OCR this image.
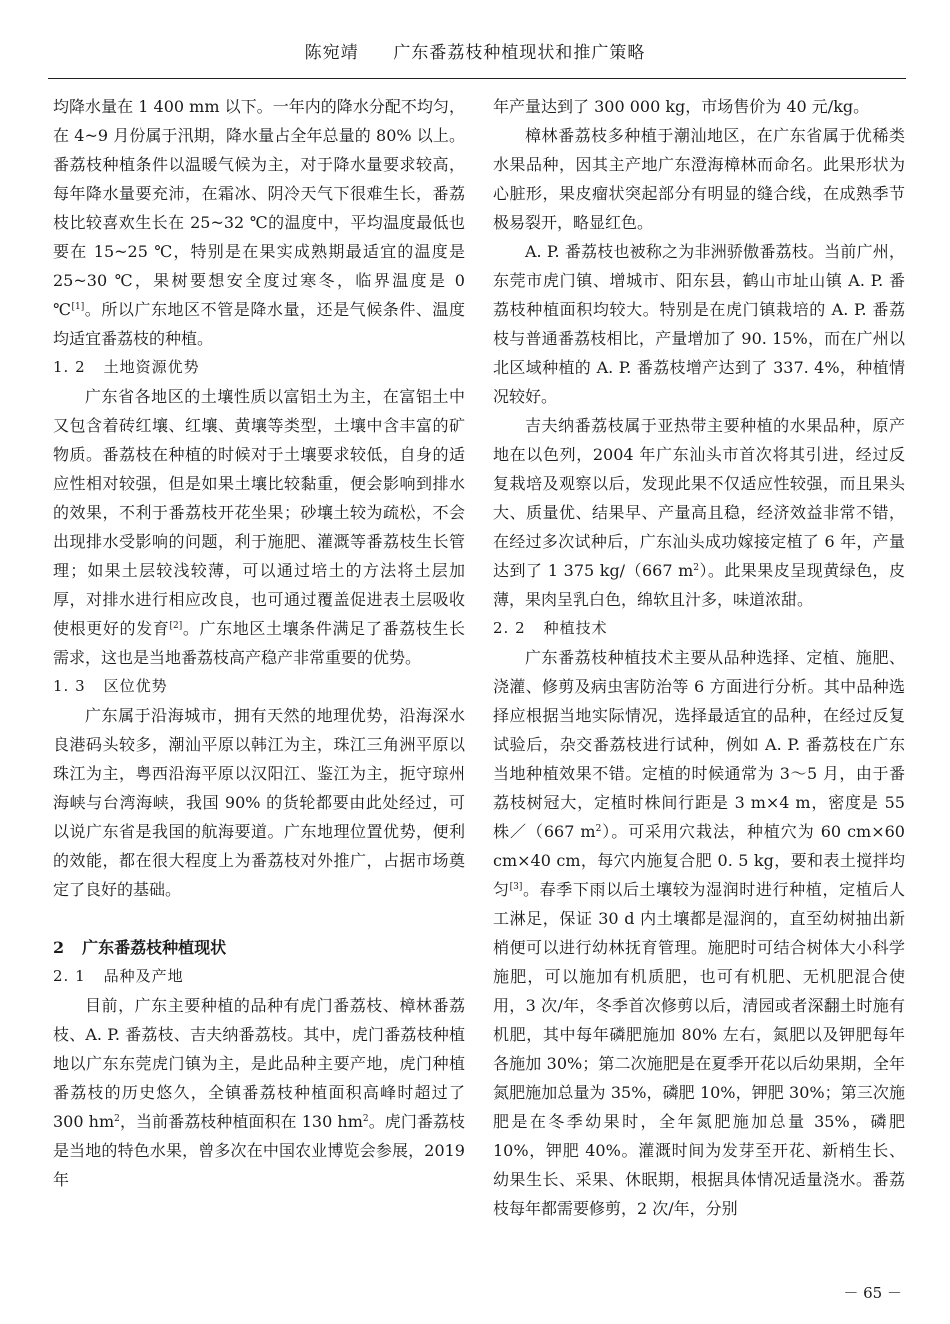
陈宛靖 广东番荔枝种植现状和推广策略

均降水量在 1 400 mm 以下。一年内的降水分配不均匀，在 4~9 月份属于汛期，降水量占全年总量的 80% 以上。番荔枝种植条件以温暖气候为主，对于降水量要求较高，每年降水量要充沛，在霜冰、阴冷天气下很难生长，番荔枝比较喜欢生长在 25~32 ℃的温度中，平均温度最低也要在 15~25 ℃，特别是在果实成熟期最适宜的温度是 25~30 ℃，果树要想安全度过寒冬，临界温度是 0 ℃[1]。所以广东地区不管是降水量，还是气候条件、温度均适宜番荔枝的种植。

1. 2 土地资源优势

广东省各地区的土壤性质以富铝土为主，在富铝土中又包含着砖红壤、红壤、黄壤等类型，土壤中含丰富的矿物质。番荔枝在种植的时候对于土壤要求较低，自身的适应性相对较强，但是如果土壤比较黏重，便会影响到排水的效果，不利于番荔枝开花坐果；砂壤土较为疏松，不会出现排水受影响的问题，利于施肥、灌溉等番荔枝生长管理；如果土层较浅较薄，可以通过培土的方法将土层加厚，对排水进行相应改良，也可通过覆盖促进表土层吸收使根更好的发育[2]。广东地区土壤条件满足了番荔枝生长需求，这也是当地番荔枝高产稳产非常重要的优势。

1. 3 区位优势

广东属于沿海城市，拥有天然的地理优势，沿海深水良港码头较多，潮汕平原以韩江为主，珠江三角洲平原以珠江为主，粤西沿海平原以汉阳江、鉴江为主，扼守琼州海峡与台湾海峡，我国 90% 的货轮都要由此处经过，可以说广东省是我国的航海要道。广东地理位置优势，便利的效能，都在很大程度上为番荔枝对外推广，占据市场奠定了良好的基础。

2 广东番荔枝种植现状
2. 1 品种及产地

目前，广东主要种植的品种有虎门番荔枝、樟林番荔枝、A. P. 番荔枝、吉夫纳番荔枝。其中，虎门番荔枝种植地以广东东莞虎门镇为主，是此品种主要产地，虎门种植番荔枝的历史悠久，全镇番荔枝种植面积高峰时超过了 300 $hm^2$，当前番荔枝种植面积在 130 $hm^2$。虎门番荔枝是当地的特色水果，曾多次在中国农业博览会参展，2019 年

年产量达到了 300 000 kg，市场售价为 40 元/kg。

樟林番荔枝多种植于潮汕地区，在广东省属于优稀类水果品种，因其主产地广东澄海樟林而命名。此果形状为心脏形，果皮瘤状突起部分有明显的缝合线，在成熟季节极易裂开，略显红色。

A. P. 番荔枝也被称之为非洲骄傲番荔枝。当前广州，东莞市虎门镇、增城市、阳东县，鹤山市址山镇 A. P. 番荔枝种植面积均较大。特别是在虎门镇栽培的 A. P. 番荔枝与普通番荔枝相比，产量增加了 90. 15%，而在广州以北区域种植的 A. P. 番荔枝增产达到了 337. 4%，种植情况较好。

吉夫纳番荔枝属于亚热带主要种植的水果品种，原产地在以色列，2004 年广东汕头市首次将其引进，经过反复栽培及观察以后，发现此果不仅适应性较强，而且果头大、质量优、结果早、产量高且稳，经济效益非常不错，在经过多次试种后，广东汕头成功嫁接定植了 6 年，产量达到了 1 375 kg/（667 $m^2$）。此果果皮呈现黄绿色，皮薄，果肉呈乳白色，绵软且汁多，味道浓甜。

2. 2 种植技术

广东番荔枝种植技术主要从品种选择、定植、施肥、浇灌、修剪及病虫害防治等 6 方面进行分析。其中品种选择应根据当地实际情况，选择最适宜的品种，在经过反复试验后，杂交番荔枝进行试种，例如 A. P. 番荔枝在广东当地种植效果不错。定植的时候通常为 3～5 月，由于番荔枝树冠大，定植时株间行距是 3 m×4 m，密度是 55 株／（667 $m^2$）。可采用穴栽法，种植穴为 60 cm×60 cm×40 cm，每穴内施复合肥 0. 5 kg，要和表土搅拌均匀[3]。春季下雨以后土壤较为湿润时进行种植，定植后人工淋足，保证 30 d 内土壤都是湿润的，直至幼树抽出新梢便可以进行幼林抚育管理。施肥时可结合树体大小科学施肥，可以施加有机质肥，也可有机肥、无机肥混合使用，3 次/年，冬季首次修剪以后，清园或者深翻土时施有机肥，其中每年磷肥施加 80% 左右，氮肥以及钾肥每年各施加 30%；第二次施肥是在夏季开花以后幼果期，全年氮肥施加总量为 35%，磷肥 10%，钾肥 30%；第三次施肥是在冬季幼果时，全年氮肥施加总量 35%，磷肥 10%，钾肥 40%。灌溉时间为发芽至开花、新梢生长、幼果生长、采果、休眠期，根据具体情况适量浇水。番荔枝每年都需要修剪，2 次/年，分别

－ 65 －
